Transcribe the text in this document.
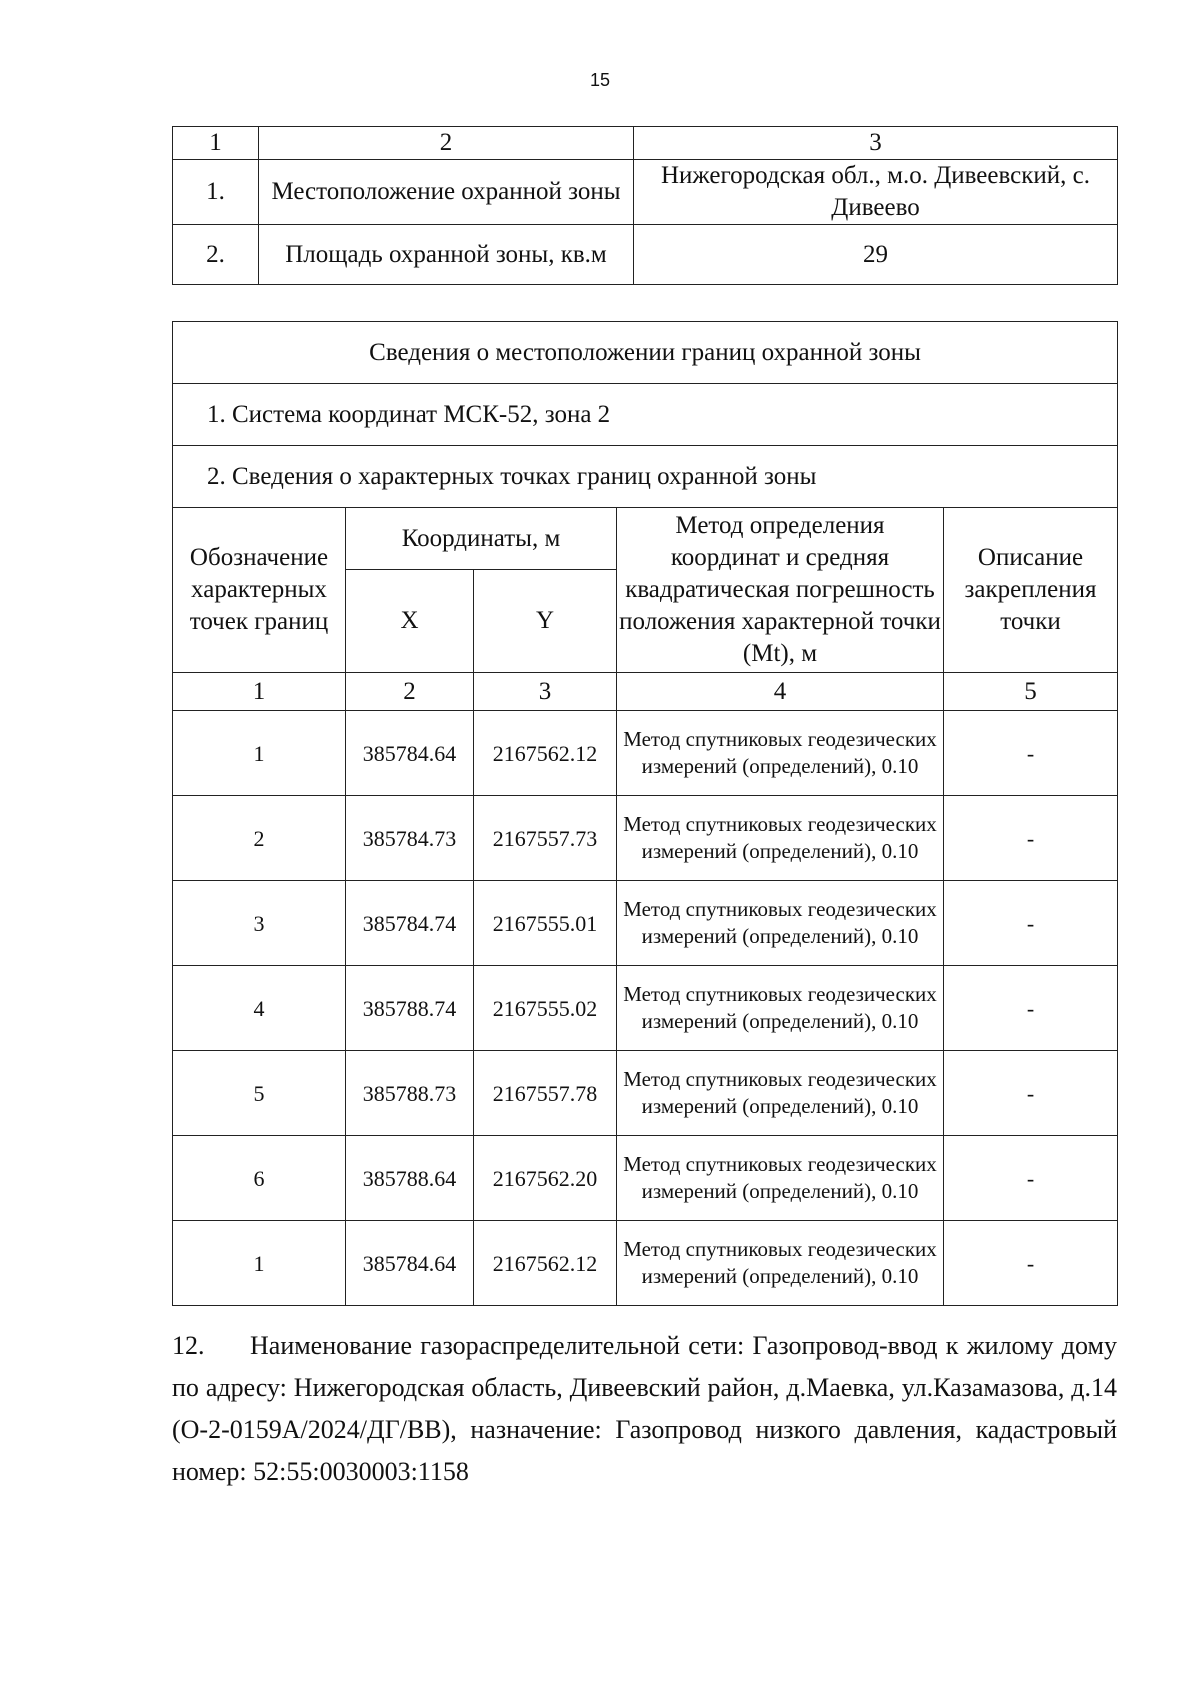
15
1	2	3
1.	Местоположение охранной зоны	Нижегородская обл., м.о. Дивеевский, с. Дивеево
2.	Площадь охранной зоны, кв.м	29
Сведения о местоположении границ охранной зоны				
1. Система координат МСК-52, зона 2				
2. Сведения о характерных точках границ охранной зоны				
Обозначение характерных точек границ	Координаты, м		Метод определения координат и средняя квадратическая погрешность положения характерной точки (Mt), м	Описание закрепления точки
	X	Y		
1	2	3	4	5
1	385784.64	2167562.12	Метод спутниковых геодезических измерений (определений), 0.10	-
2	385784.73	2167557.73	Метод спутниковых геодезических измерений (определений), 0.10	-
3	385784.74	2167555.01	Метод спутниковых геодезических измерений (определений), 0.10	-
4	385788.74	2167555.02	Метод спутниковых геодезических измерений (определений), 0.10	-
5	385788.73	2167557.78	Метод спутниковых геодезических измерений (определений), 0.10	-
6	385788.64	2167562.20	Метод спутниковых геодезических измерений (определений), 0.10	-
1	385784.64	2167562.12	Метод спутниковых геодезических измерений (определений), 0.10	-
12. Наименование газораспределительной сети: Газопровод-ввод к жилому дому по адресу: Нижегородская область, Дивеевский район, д.Маевка, ул.Казамазова, д.14 (О-2-0159А/2024/ДГ/ВВ), назначение: Газопровод низкого давления, кадастровый номер: 52:55:0030003:1158
